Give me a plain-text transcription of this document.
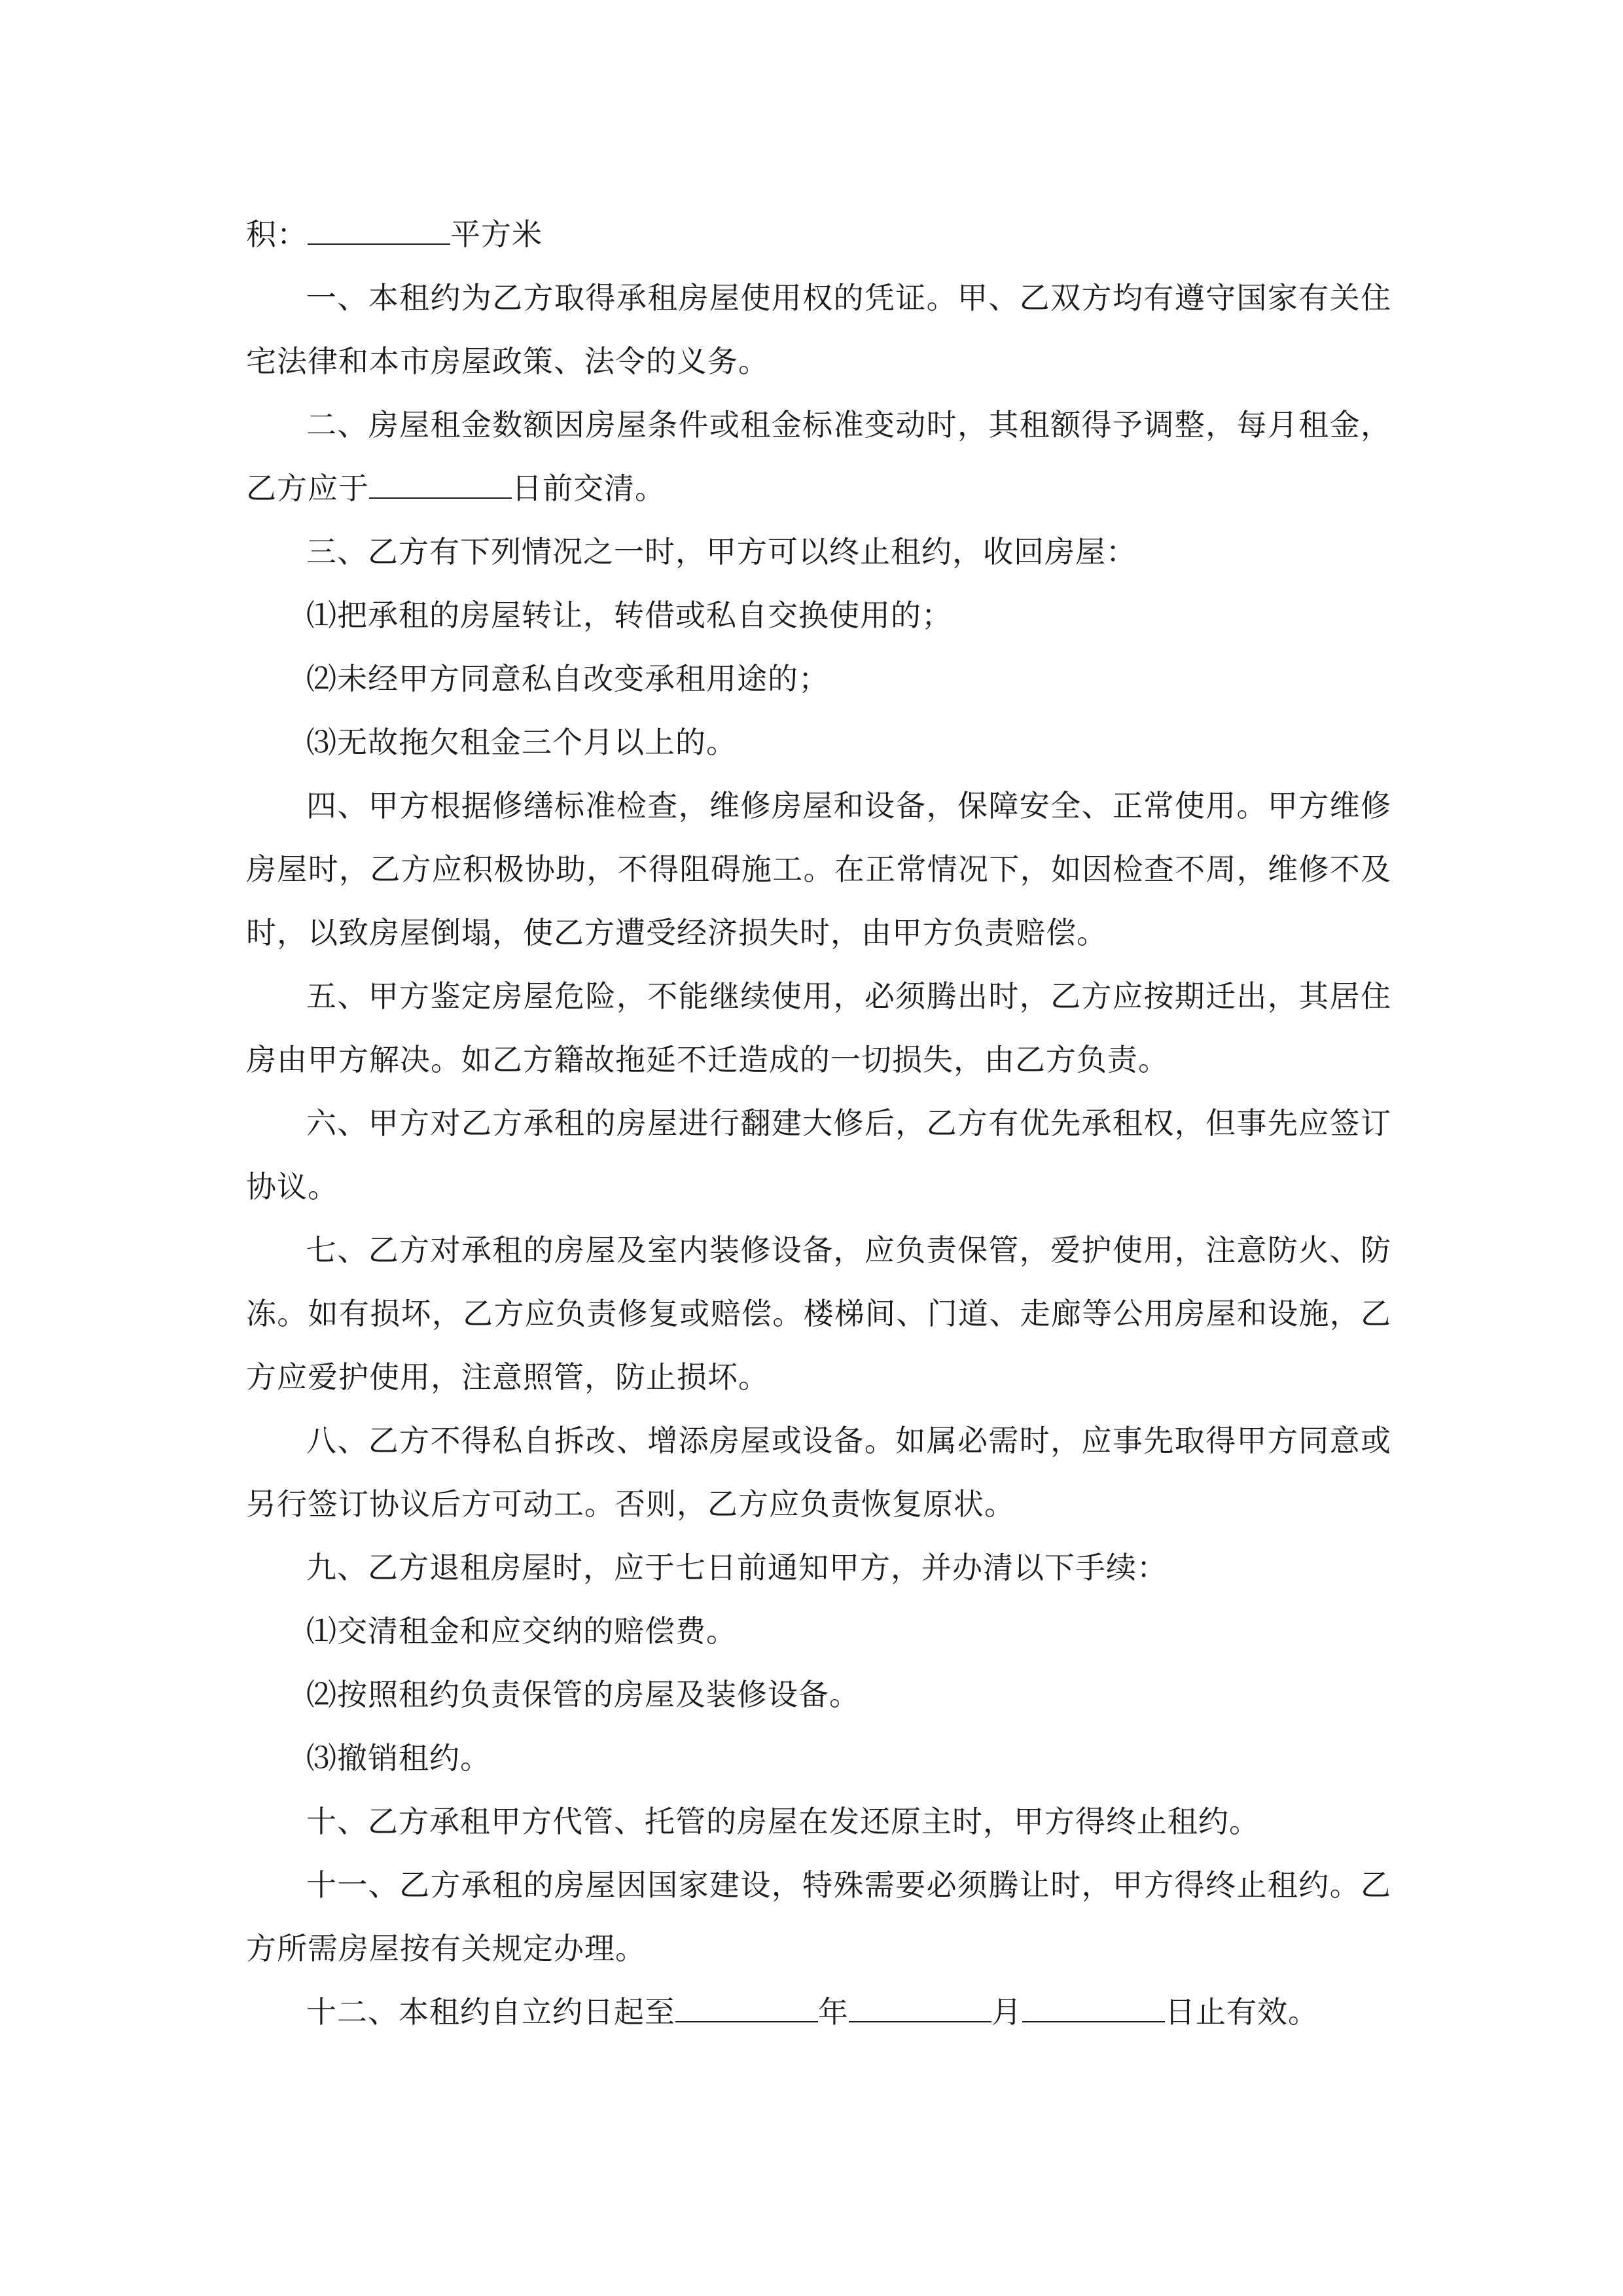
积：	平方米

一、本租约为乙方取得承租房屋使用权的凭证。甲、乙双方均有遵守国家有关住宅法律和本市房屋政策、法令的义务。

二、房屋租金数额因房屋条件或租金标准变动时，其租额得予调整，每月租金，乙方应于	日前交清。

三、乙方有下列情况之一时，甲方可以终止租约，收回房屋：

⑴把承租的房屋转让，转借或私自交换使用的；

⑵未经甲方同意私自改变承租用途的；

⑶无故拖欠租金三个月以上的。

四、甲方根据修缮标准检查，维修房屋和设备，保障安全、正常使用。甲方维修房屋时，乙方应积极协助，不得阻碍施工。在正常情况下，如因检查不周，维修不及时，以致房屋倒塌，使乙方遭受经济损失时，由甲方负责赔偿。

五、甲方鉴定房屋危险，不能继续使用，必须腾出时，乙方应按期迁出，其居住房由甲方解决。如乙方籍故拖延不迁造成的一切损失，由乙方负责。

六、甲方对乙方承租的房屋进行翻建大修后，乙方有优先承租权，但事先应签订协议。

七、乙方对承租的房屋及室内装修设备，应负责保管，爱护使用，注意防火、防冻。如有损坏，乙方应负责修复或赔偿。楼梯间、门道、走廊等公用房屋和设施，乙方应爱护使用，注意照管，防止损坏。

八、乙方不得私自拆改、增添房屋或设备。如属必需时，应事先取得甲方同意或另行签订协议后方可动工。否则，乙方应负责恢复原状。

九、乙方退租房屋时，应于七日前通知甲方，并办清以下手续：

⑴交清租金和应交纳的赔偿费。

⑵按照租约负责保管的房屋及装修设备。

⑶撤销租约。

十、乙方承租甲方代管、托管的房屋在发还原主时，甲方得终止租约。

十一、乙方承租的房屋因国家建设，特殊需要必须腾让时，甲方得终止租约。乙方所需房屋按有关规定办理。

十二、本租约自立约日起至	年	月	日止有效。
